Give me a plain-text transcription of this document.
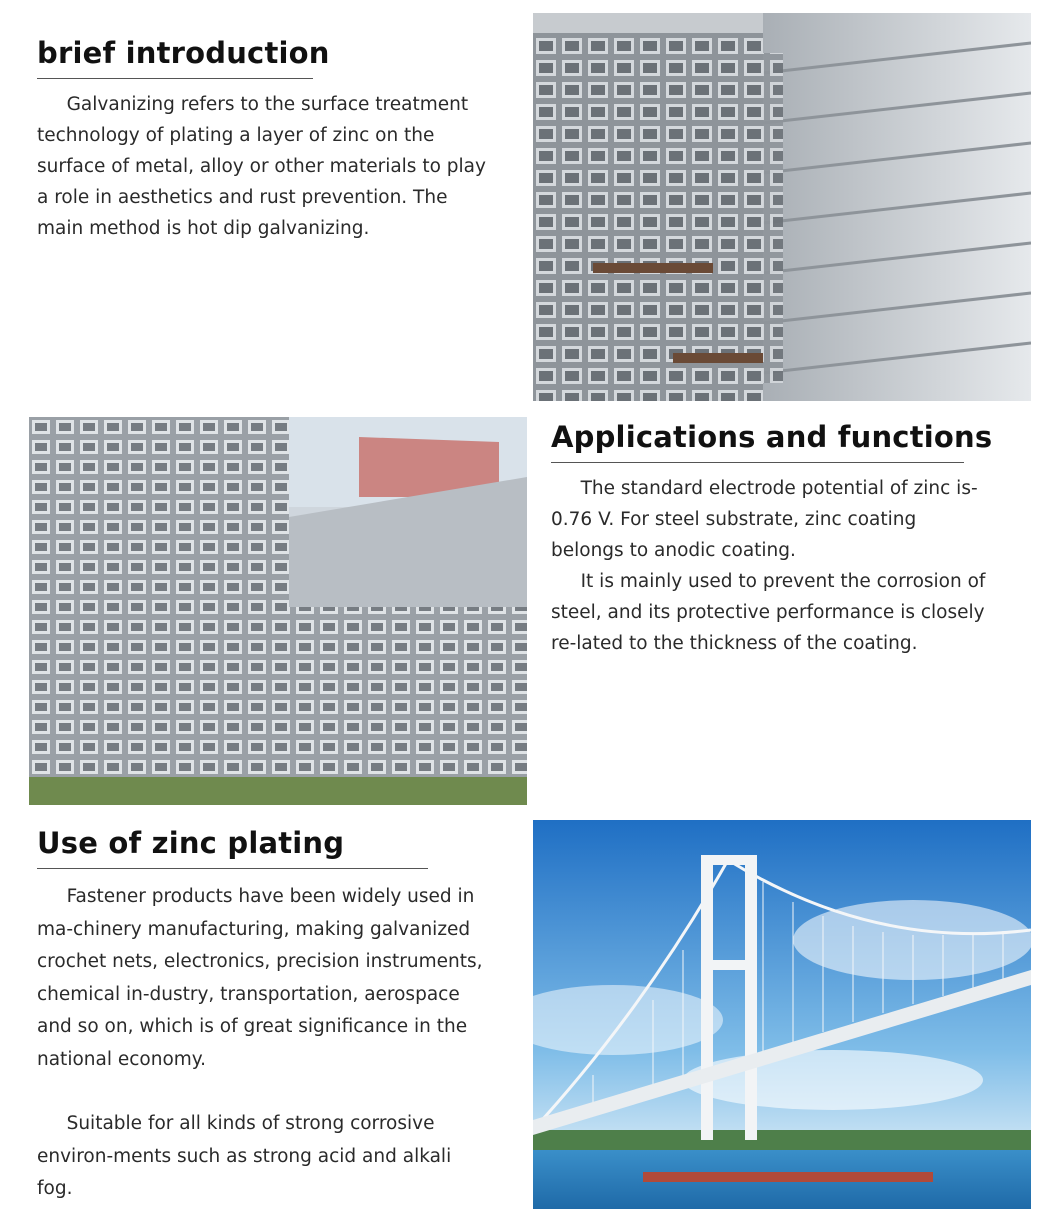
brief introduction

Galvanizing refers to the surface treatment technology of plating a layer of zinc on the surface of metal, alloy or other materials to play a role in aesthetics and rust prevention. The main method is hot dip galvanizing.

Applications and functions

The standard electrode potential of zinc is-0.76 V. For steel substrate, zinc coating belongs to anodic coating.

It is mainly used to prevent the corrosion of steel, and its protective performance is closely re-lated to the thickness of the coating.

Use of zinc plating

Fastener products have been widely used in ma-chinery manufacturing, making galvanized crochet nets, electronics, precision instruments, chemical in-dustry, transportation, aerospace and so on, which is of great significance in the national economy.

Suitable for all kinds of strong corrosive environ-ments such as strong acid and alkali fog.
